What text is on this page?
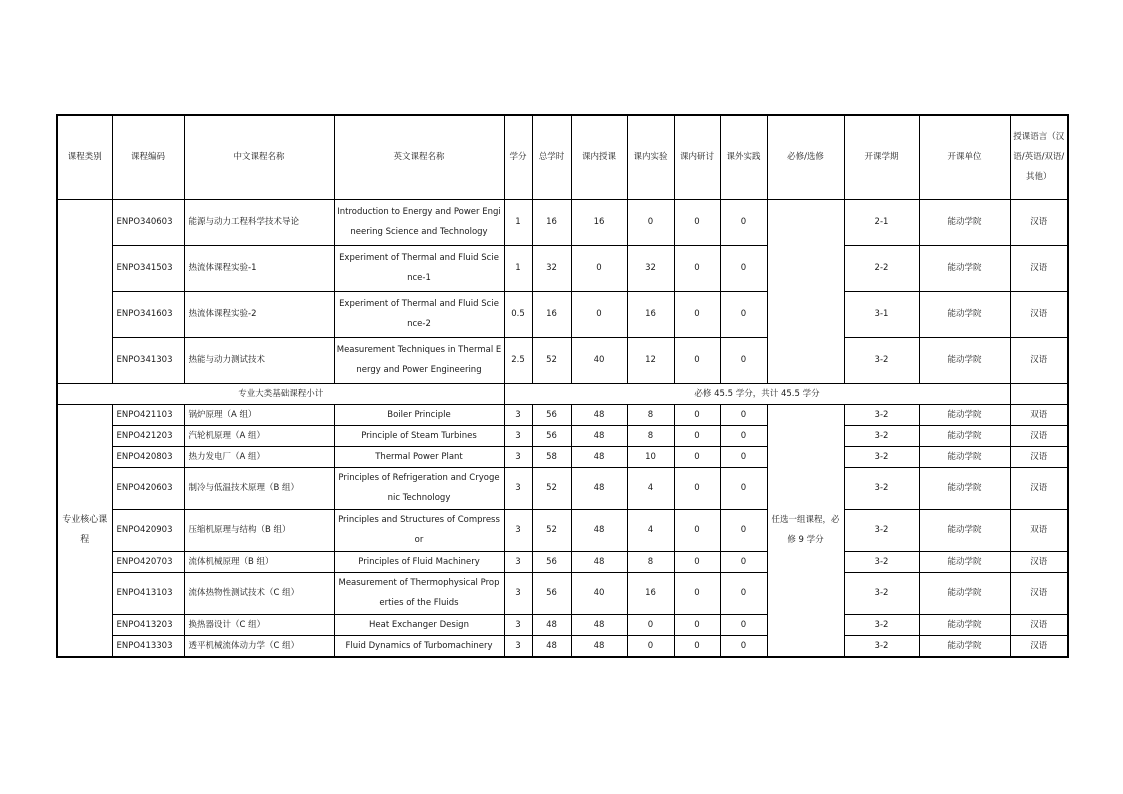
课程类别	课程编码	中文课程名称	英文课程名称	学分	总学时	课内授课	课内实验	课内研讨	课外实践	必修/选修	开课学期	开课单位	授课语言（汉语/英语/双语/其他）
	ENPO340603	能源与动力工程科学技术导论	Introduction to Energy and Power Engineering Science and Technology	1	16	16	0	0	0		2-1	能动学院	汉语
	ENPO341503	热流体课程实验-1	Experiment of Thermal and Fluid Science-1	1	32	0	32	0	0		2-2	能动学院	汉语
	ENPO341603	热流体课程实验-2	Experiment of Thermal and Fluid Science-2	0.5	16	0	16	0	0		3-1	能动学院	汉语
	ENPO341303	热能与动力测试技术	Measurement Techniques in Thermal Energy and Power Engineering	2.5	52	40	12	0	0		3-2	能动学院	汉语
专业大类基础课程小计				必修 45.5 学分，共计 45.5 学分									
专业核心课程	ENPO421103	锅炉原理（A 组）	Boiler Principle	3	56	48	8	0	0	任选一组课程，必修 9 学分	3-2	能动学院	双语
	ENPO421203	汽轮机原理（A 组）	Principle of Steam Turbines	3	56	48	8	0	0		3-2	能动学院	汉语
	ENPO420803	热力发电厂（A 组）	Thermal Power Plant	3	58	48	10	0	0		3-2	能动学院	汉语
	ENPO420603	制冷与低温技术原理（B 组）	Principles of Refrigeration and Cryogenic Technology	3	52	48	4	0	0		3-2	能动学院	汉语
	ENPO420903	压缩机原理与结构（B 组）	Principles and Structures of Compressor	3	52	48	4	0	0		3-2	能动学院	双语
	ENPO420703	流体机械原理（B 组）	Principles of Fluid Machinery	3	56	48	8	0	0		3-2	能动学院	汉语
	ENPO413103	流体热物性测试技术（C 组）	Measurement of Thermophysical Properties of the Fluids	3	56	40	16	0	0		3-2	能动学院	汉语
	ENPO413203	换热器设计（C 组）	Heat Exchanger Design	3	48	48	0	0	0		3-2	能动学院	汉语
	ENPO413303	透平机械流体动力学（C 组）	Fluid Dynamics of Turbomachinery	3	48	48	0	0	0		3-2	能动学院	汉语
